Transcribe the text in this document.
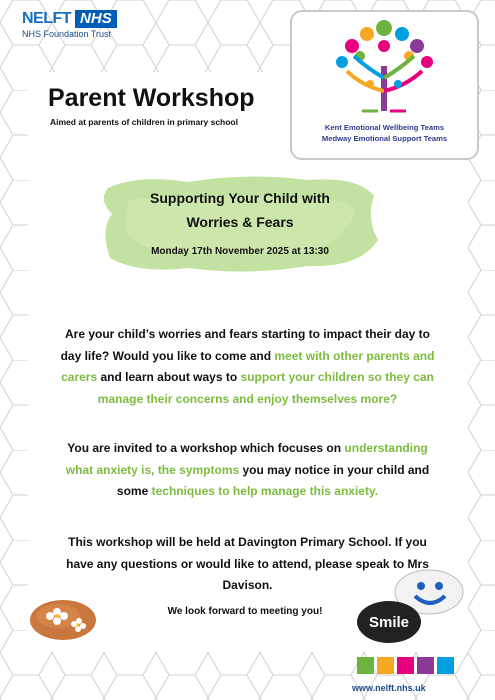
NELFT NHS
NHS Foundation Trust
Kent Emotional Wellbeing Teams
Medway Emotional Support Teams
Parent Workshop
Aimed at parents of children in primary school
Supporting Your Child with
Worries & Fears
Monday 17th November 2025 at 13:30

Are your child’s worries and fears starting to impact their day to day life? Would you like to come and meet with other parents and carers and learn about ways to support your children so they can manage their concerns and enjoy themselves more?

You are invited to a workshop which focuses on understanding what anxiety is, the symptoms you may notice in your child and some techniques to help manage this anxiety.

This workshop will be held at Davington Primary School. If you have any questions or would like to attend, please speak to Mrs Davison.

We look forward to meeting you!
Smile
www.nelft.nhs.uk
